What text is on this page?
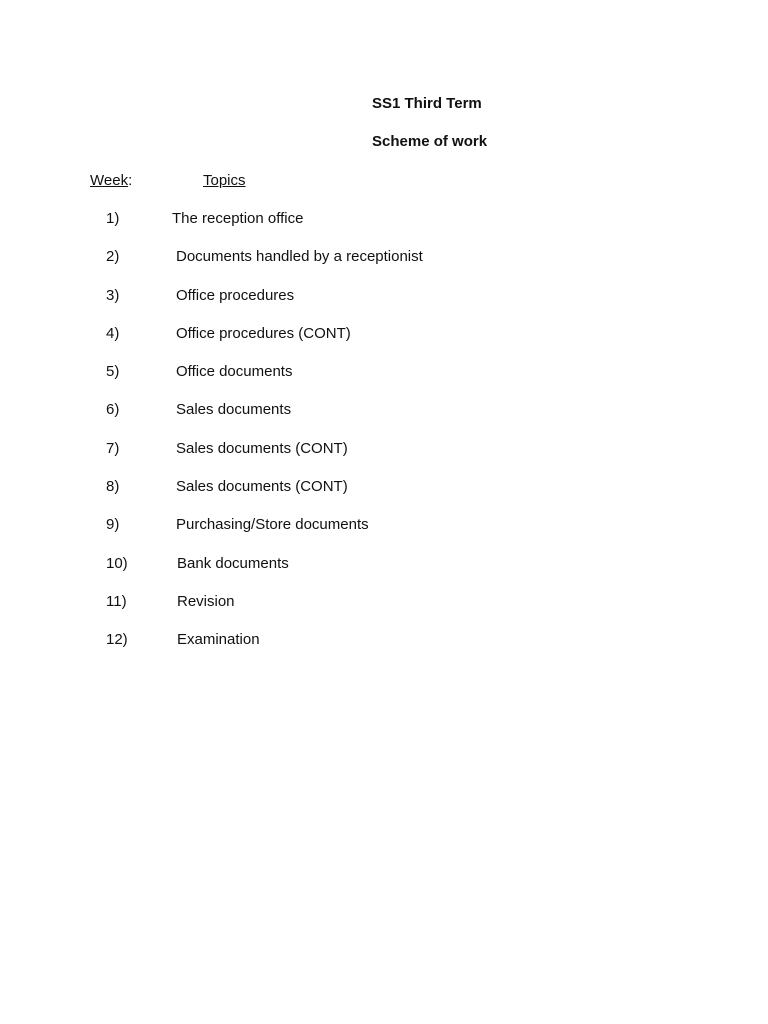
SS1 Third Term
Scheme of work
Week:	Topics
1)	The reception office
2)	Documents handled by a receptionist
3)	Office procedures
4)	Office procedures (CONT)
5)	Office documents
6)	Sales documents
7)	Sales documents (CONT)
8)	Sales documents (CONT)
9)	Purchasing/Store documents
10)	Bank documents
11)	Revision
12)	Examination
